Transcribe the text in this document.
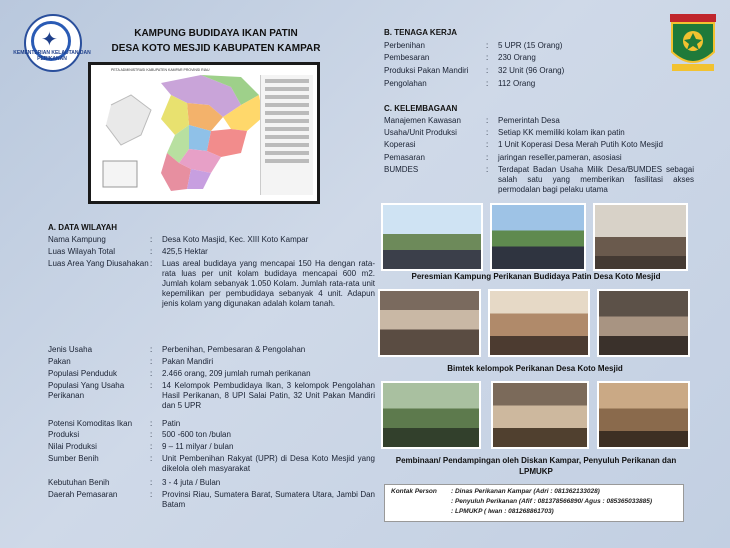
✦
KEMENTERIAN KELAUTAN DAN PERIKANAN
KAMPUNG BUDIDAYA IKAN PATIN
DESA KOTO MESJID KABUPATEN KAMPAR
PETA ADMINISTRASI KABUPATEN KAMPAR PROVINSI RIAU
A. DATA WILAYAH
Nama Kampung	:	Desa Koto Masjid, Kec. XIII Koto Kampar
Luas Wilayah Total	:	425,5 Hektar
Luas Area Yang Diusahakan :	Luas areal budidaya yang mencapai 150 Ha dengan rata-rata luas per unit kolam budidaya mencapai 600 m2. Jumlah kolam sebanyak 1.050 Kolam. Jumlah rata-rata unit kepemilikan per pembudidaya sebanyak 4 unit. Adapun jenis kolam yang digunakan adalah kolam tanah.
Jenis Usaha	:	Perbenihan, Pembesaran & Pengolahan
Pakan	:	Pakan Mandiri
Populasi Penduduk	:	2.466 orang, 209 jumlah rumah perikanan
Populasi Yang Usaha Perikanan
:	14 Kelompok Pembudidaya Ikan, 3 kelompok Pengolahan Hasil Perikanan, 8 UPI Salai Patin, 32 Unit Pakan Mandiri dan 5 UPR
Potensi Komoditas Ikan	:	Patin
Produksi	:	500 -600 ton /bulan
Nilai Produksi	:	9 – 11 milyar / bulan
Sumber Benih	:	Unit Pembenihan Rakyat (UPR) di Desa Koto Mesjid yang dikelola oleh masyarakat
Kebutuhan Benih	:	3 - 4 juta / Bulan
Daerah Pemasaran	:	Provinsi Riau, Sumatera Barat, Sumatera Utara, Jambi Dan Batam
B. TENAGA KERJA
Perbenihan	:	5 UPR (15 Orang)
Pembesaran	:	230 Orang
Produksi Pakan Mandiri	:	32 Unit (96 Orang)
Pengolahan	:	112 Orang
C. KELEMBAGAAN
Manajemen Kawasan	:	Pemerintah Desa
Usaha/Unit Produksi	:	Setiap KK memiliki kolam ikan patin
Koperasi	:	1 Unit Koperasi Desa Merah Putih Koto Mesjid
Pemasaran	:	jaringan reseller,pameran, asosiasi
BUMDES	:	Terdapat Badan Usaha Milik Desa/BUMDES sebagai salah satu yang memberikan fasilitasi akses permodalan bagi pelaku utama
Peresmian Kampung Perikanan Budidaya Patin Desa Koto Mesjid
Bimtek kelompok Perikanan Desa Koto Mesjid
Pembinaan/ Pendampingan oleh Diskan Kampar, Penyuluh Perikanan dan LPMUKP
Kontak Person : Dinas Perikanan Kampar (Adri : 081362133028)
: Penyuluh Perikanan (Afif : 081378566890/ Agus : 085365033885)
: LPMUKP ( Iwan : 081268861703)
